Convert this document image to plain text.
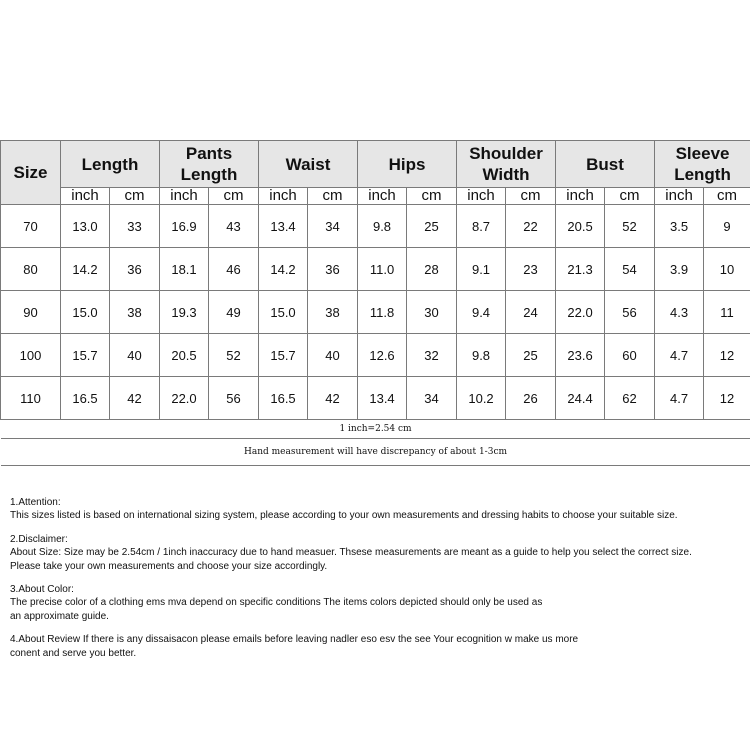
Size	Length		Pants Length		Waist		Hips		Shoulder Width		Bust		Sleeve Length	
	inch	cm	inch	cm	inch	cm	inch	cm	inch	cm	inch	cm	inch	cm
70	13.0	33	16.9	43	13.4	34	9.8	25	8.7	22	20.5	52	3.5	9
80	14.2	36	18.1	46	14.2	36	11.0	28	9.1	23	21.3	54	3.9	10
90	15.0	38	19.3	49	15.0	38	11.8	30	9.4	24	22.0	56	4.3	11
100	15.7	40	20.5	52	15.7	40	12.6	32	9.8	25	23.6	60	4.7	12
110	16.5	42	22.0	56	16.5	42	13.4	34	10.2	26	24.4	62	4.7	12
1 inch=2.54 cm														
Hand measurement will have discrepancy of about 1-3cm														

1.Attention:

This sizes listed is based on international sizing system, please according to your own measurements and dressing habits to choose your suitable size.

2.Disclaimer:

About Size: Size may be 2.54cm / 1inch inaccuracy due to hand measuer. Thsese measurements are meant as a guide to help you select the correct size.

Please take your own measurements and choose your size accordingly.

3.About Color:

The precise color of a clothing ems mva depend on specific conditions The items colors depicted should only be used as

an approximate guide.

4.About Review If there is any dissaisacon please emails before leaving nadler eso esv the see Your ecognition w make us more

conent and serve you better.
